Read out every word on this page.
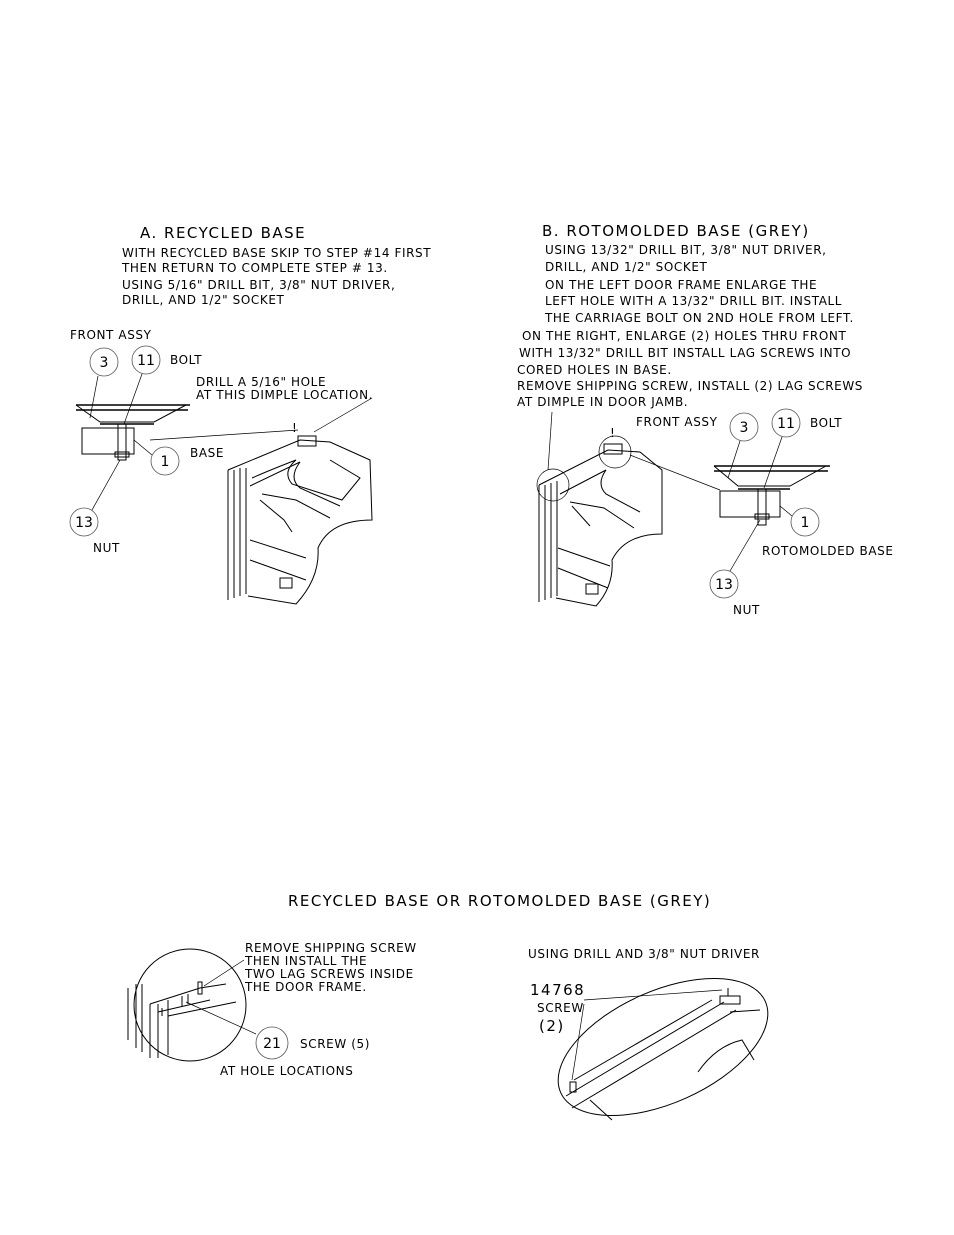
A. RECYCLED BASE
WITH RECYCLED BASE SKIP TO STEP #14 FIRST
THEN RETURN TO COMPLETE STEP # 13.
USING 5/16" DRILL BIT, 3/8" NUT DRIVER,
DRILL, AND 1/2" SOCKET
FRONT ASSY
DRILL A 5/16" HOLE
AT THIS DIMPLE LOCATION.
3 11 BOLT
1
BASE
13
NUT
!
B. ROTOMOLDED BASE (GREY)
USING 13/32" DRILL BIT, 3/8" NUT DRIVER,
DRILL, AND 1/2" SOCKET
ON THE LEFT DOOR FRAME ENLARGE THE
LEFT HOLE WITH A 13/32" DRILL BIT. INSTALL
THE CARRIAGE BOLT ON 2ND HOLE FROM LEFT.
ON THE RIGHT, ENLARGE (2) HOLES THRU FRONT
WITH 13/32" DRILL BIT INSTALL LAG SCREWS INTO
CORED HOLES IN BASE.
REMOVE SHIPPING SCREW, INSTALL (2) LAG SCREWS
AT DIMPLE IN DOOR JAMB.
FRONT ASSY
!	3 11 BOLT
1
ROTOMOLDED BASE
13
NUT
RECYCLED BASE OR ROTOMOLDED BASE (GREY)
REMOVE SHIPPING SCREW
THEN INSTALL THE
TWO LAG SCREWS INSIDE
THE DOOR FRAME.
21 SCREW (5)
AT HOLE LOCATIONS
USING DRILL AND 3/8" NUT DRIVER
14768
SCREW
(2)
